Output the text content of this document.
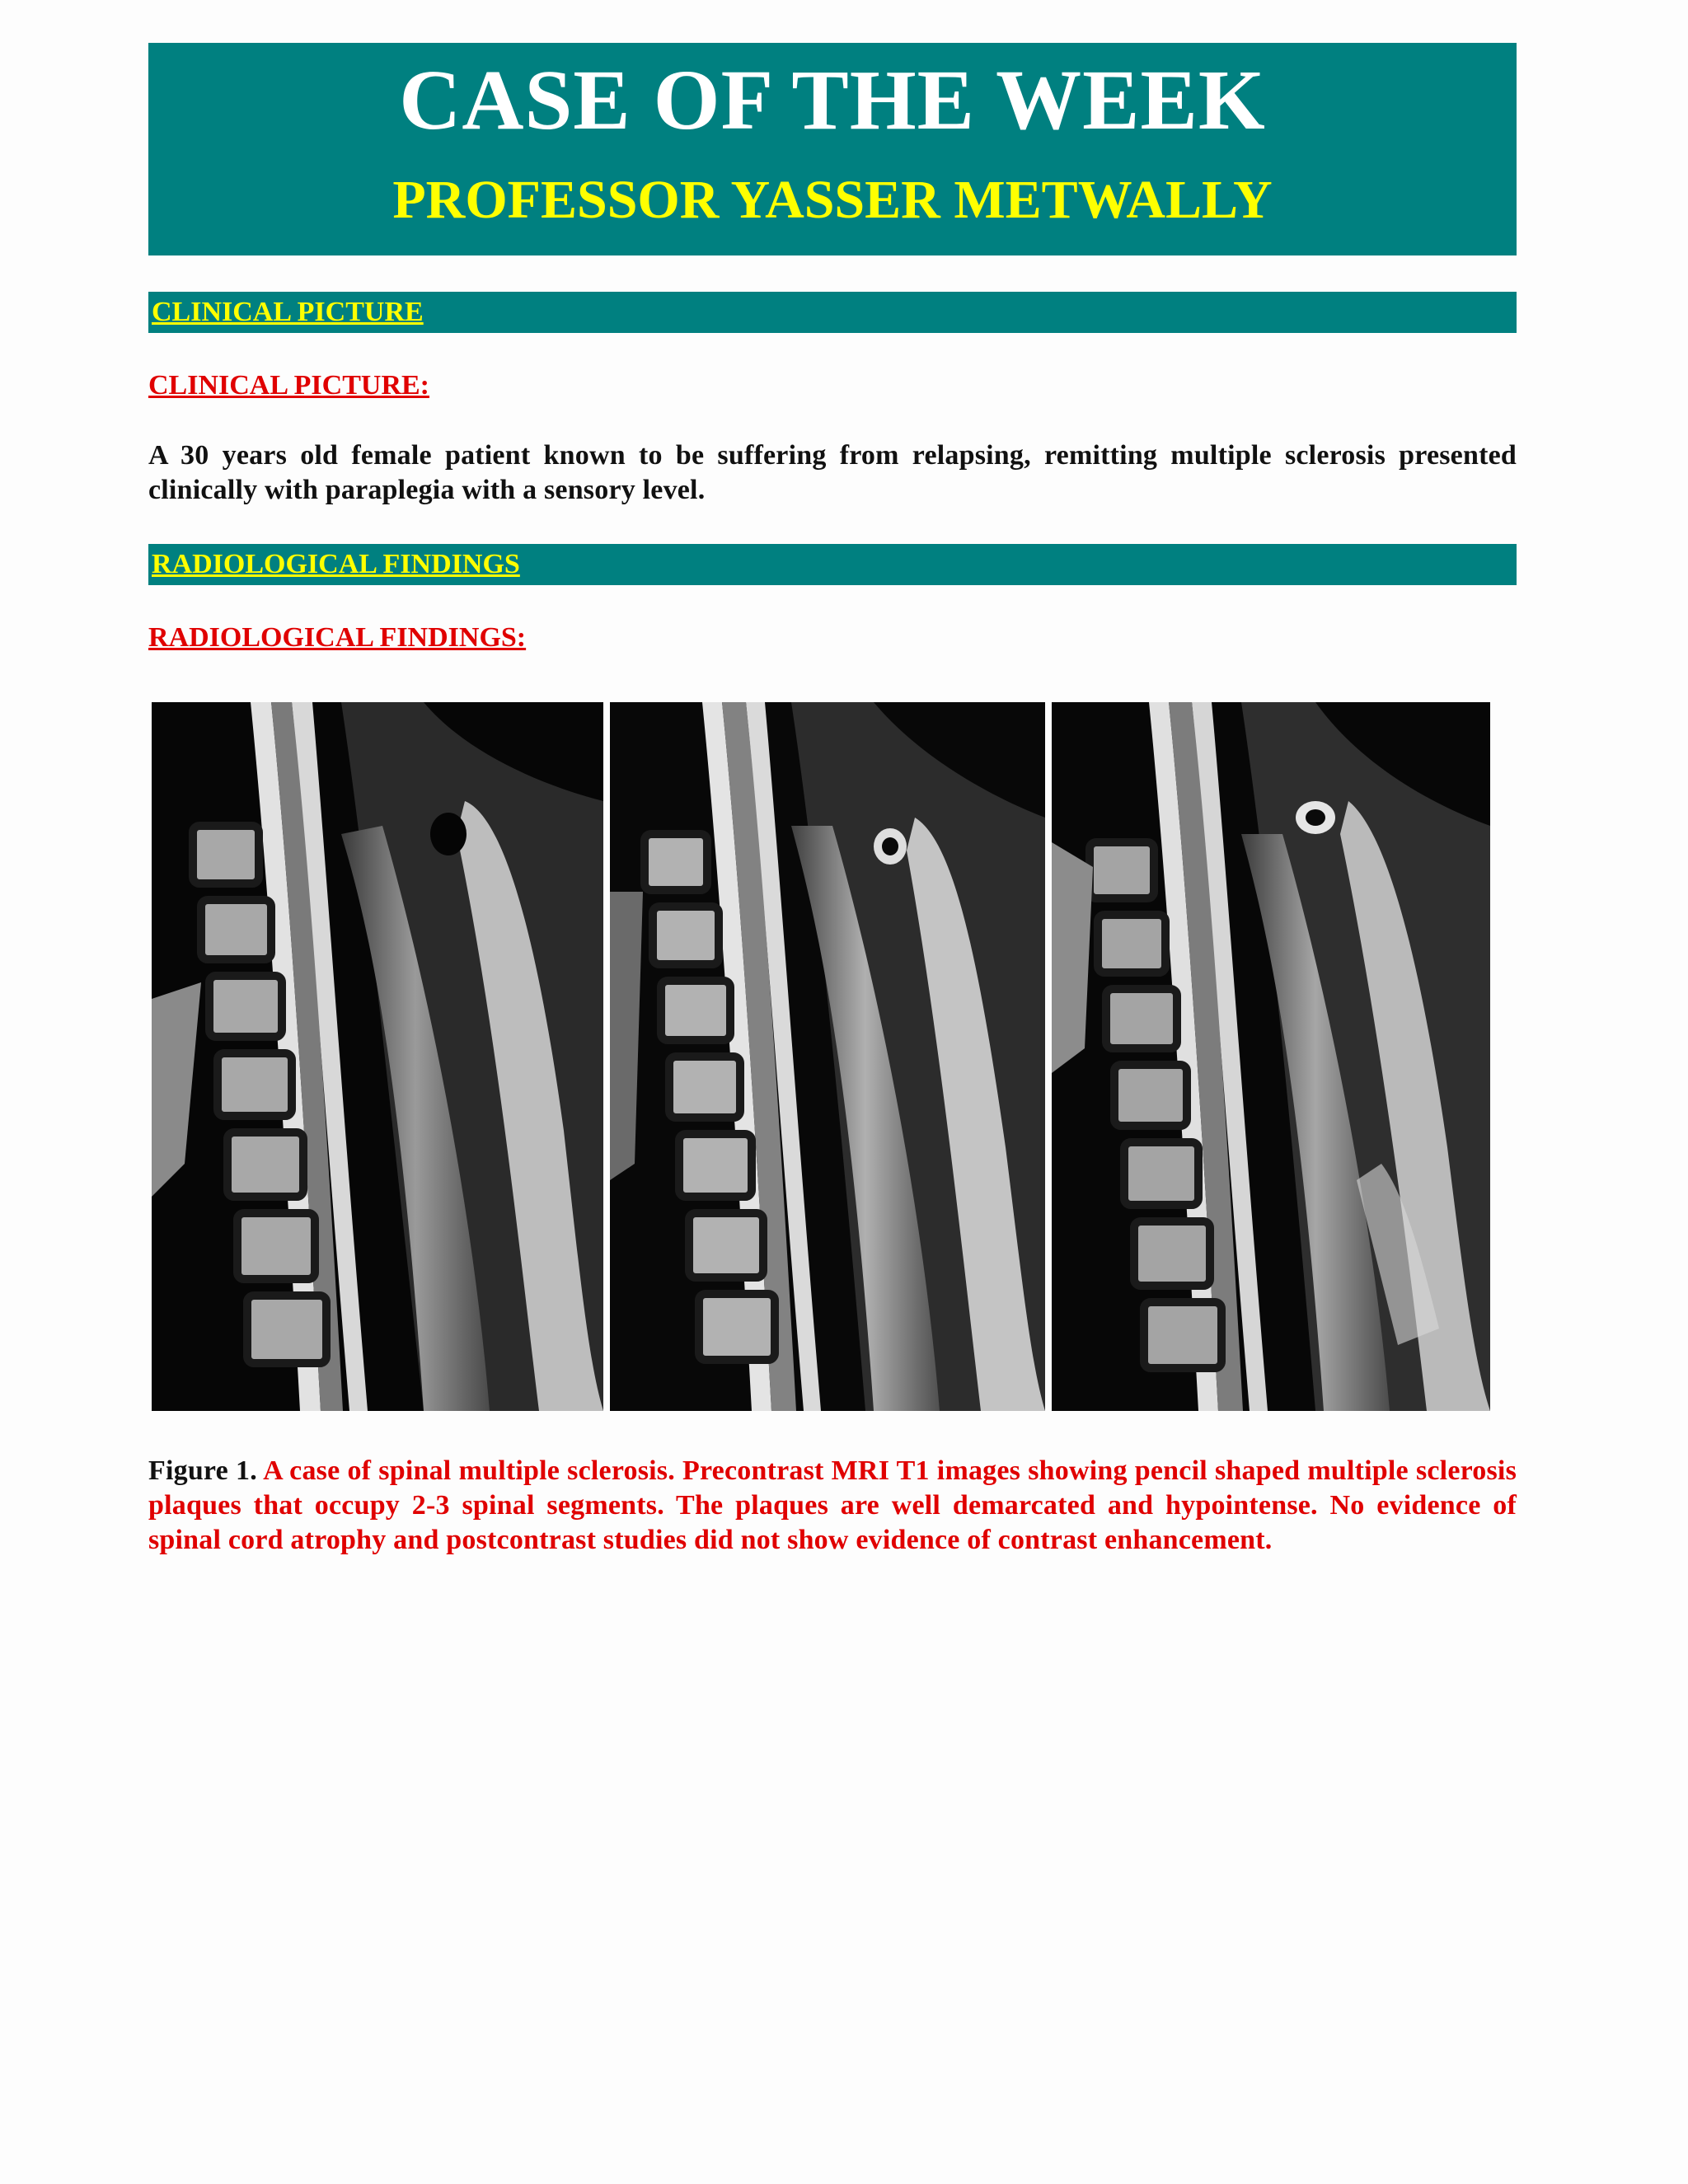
CASE OF THE WEEK
PROFESSOR YASSER METWALLY
CLINICAL PICTURE
CLINICAL PICTURE:
A 30 years old female patient known to be suffering from relapsing, remitting multiple sclerosis presented clinically with paraplegia with a sensory level.
RADIOLOGICAL FINDINGS
RADIOLOGICAL FINDINGS:
Figure 1. A case of spinal multiple sclerosis. Precontrast MRI T1 images showing pencil shaped multiple sclerosis plaques that occupy 2-3 spinal segments. The plaques are well demarcated and hypointense. No evidence of spinal cord atrophy and postcontrast studies did not show evidence of contrast enhancement.
